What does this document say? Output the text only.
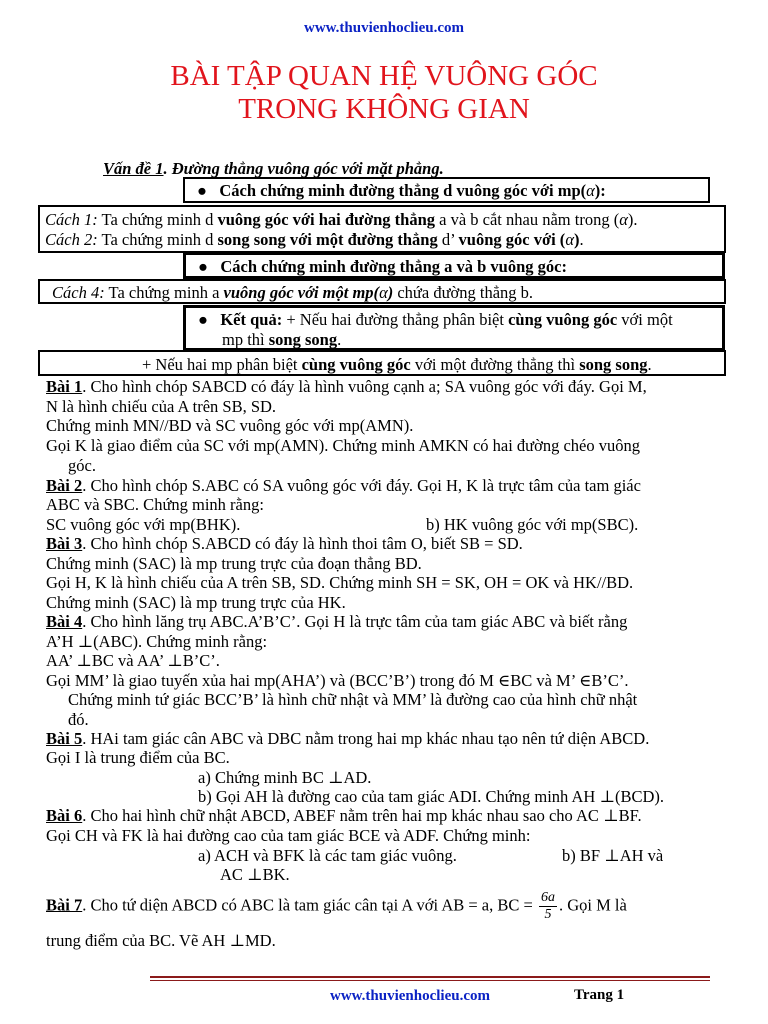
www.thuvienhoclieu.com
BÀI TẬP QUAN HỆ VUÔNG GÓC
TRONG KHÔNG GIAN
Vấn đề 1. Đường thẳng vuông góc với mặt phẳng.
● Cách chứng minh đường thẳng d vuông góc với mp(α):
Cách 1: Ta chứng minh d vuông góc với hai đường thẳng a và b cắt nhau nằm trong (α).
Cách 2: Ta chứng minh d song song với một đường thẳng d’ vuông góc với (α).
● Cách chứng minh đường thẳng a và b vuông góc:
Cách 4: Ta chứng minh a vuông góc với một mp(α) chứa đường thẳng b.
● Kết quả: + Nếu hai đường thẳng phân biệt cùng vuông góc với một
mp thì song song.
+ Nếu hai mp phân biệt cùng vuông góc với một đường thẳng thì song song.
Bài 1. Cho hình chóp SABCD có đáy là hình vuông cạnh a; SA vuông góc với đáy. Gọi M,
N là hình chiếu của A trên SB, SD.
Chứng minh MN//BD và SC vuông góc với mp(AMN).
Gọi K là giao điểm của SC với mp(AMN). Chứng minh AMKN có hai đường chéo vuông
góc.
Bài 2. Cho hình chóp S.ABC có SA vuông góc với đáy. Gọi H, K là trực tâm của tam giác
ABC và SBC. Chứng minh rằng:
SC vuông góc với mp(BHK).	b) HK vuông góc với mp(SBC).
Bài 3. Cho hình chóp S.ABCD có đáy là hình thoi tâm O, biết SB = SD.
Chứng minh (SAC) là mp trung trực của đoạn thẳng BD.
Gọi H, K là hình chiếu của A trên SB, SD. Chứng minh SH = SK, OH = OK và HK//BD.
Chứng minh (SAC) là mp trung trực của HK.
Bài 4. Cho hình lăng trụ ABC.A’B’C’. Gọi H là trực tâm của tam giác ABC và biết rằng
A’H ⊥(ABC). Chứng minh rằng:
AA’ ⊥BC và AA’ ⊥B’C’.
Gọi MM’ là giao tuyến xủa hai mp(AHA’) và (BCC’B’) trong đó M ∈BC và M’ ∈B’C’.
Chứng minh tứ giác BCC’B’ là hình chữ nhật và MM’ là đường cao của hình chữ nhật
đó.
Bài 5. HAi tam giác cân ABC và DBC nằm trong hai mp khác nhau tạo nên tứ diện ABCD.
Gọi I là trung điểm của BC.
a) Chứng minh BC ⊥AD.
b) Gọi AH là đường cao của tam giác ADI. Chứng minh AH ⊥(BCD).
Bài 6. Cho hai hình chữ nhật ABCD, ABEF nằm trên hai mp khác nhau sao cho AC ⊥BF.
Gọi CH và FK là hai đường cao của tam giác BCE và ADF. Chứng minh:
a) ACH và BFK là các tam giác vuông.	b) BF ⊥AH và
AC ⊥BK.
Bài 7. Cho tứ diện ABCD có ABC là tam giác cân tại A với AB = a, BC = $\frac{6a}{5}$ . Gọi M là
trung điểm của BC. Vẽ AH ⊥MD.
www.thuvienhoclieu.com	Trang 1
